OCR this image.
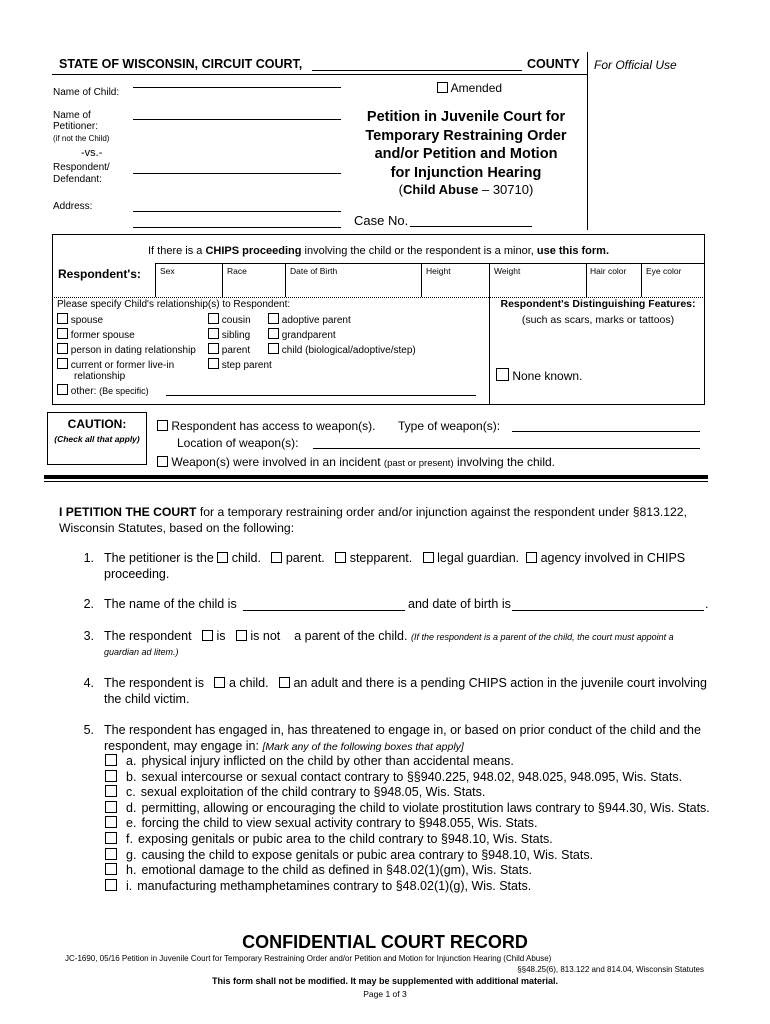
STATE OF WISCONSIN, CIRCUIT COURT,	COUNTY For Official Use
Name of Child:
Name of Petitioner:
(if not the Child)
-vs.-
Respondent/ Defendant:
Address:
Amended
Petition in Juvenile Court for
Temporary Restraining Order
and/or Petition and Motion
for Injunction Hearing
(Child Abuse – 30710)
Case No.
If there is a CHIPS proceeding involving the child or the respondent is a minor, use this form.
Respondent's: Sex	Race	Date of Birth	Height	Weight	Hair color Eye color
Please specify Child's relationship(s) to Respondent:
spouse
former spouse
person in dating relationship
current or former live-in
relationship
cousin
sibling
parent
step parent
adoptive parent
grandparent
child (biological/adoptive/step)
other: (Be specific)
Respondent's Distinguishing Features:
(such as scars, marks or tattoos)
None known.
CAUTION:
(Check all that apply)
Respondent has access to weapon(s). Type of weapon(s):
Location of weapon(s):
Weapon(s) were involved in an incident (past or present) involving the child.
I PETITION THE COURT for a temporary restraining order and/or injunction against the respondent under §813.122,
Wisconsin Statutes, based on the following:
1. The petitioner is the child. parent. stepparent. legal guardian. agency involved in CHIPS
proceeding.
2. The name of the child is	and date of birth is	.
3. The respondent is is not a parent of the child. (If the respondent is a parent of the child, the court must appoint a
guardian ad litem.)
4. The respondent is a child. an adult and there is a pending CHIPS action in the juvenile court involving
the child victim.
5. The respondent has engaged in, has threatened to engage in, or based on prior conduct of the child and the
respondent, may engage in: [Mark any of the following boxes that apply]
a. physical injury inflicted on the child by other than accidental means.
b. sexual intercourse or sexual contact contrary to §§940.225, 948.02, 948.025, 948.095, Wis. Stats.
c. sexual exploitation of the child contrary to §948.05, Wis. Stats.
d. permitting, allowing or encouraging the child to violate prostitution laws contrary to §944.30, Wis. Stats.
e. forcing the child to view sexual activity contrary to §948.055, Wis. Stats.
f. exposing genitals or pubic area to the child contrary to §948.10, Wis. Stats.
g. causing the child to expose genitals or pubic area contrary to §948.10, Wis. Stats.
h. emotional damage to the child as defined in §48.02(1)(gm), Wis. Stats.
i. manufacturing methamphetamines contrary to §48.02(1)(g), Wis. Stats.
CONFIDENTIAL COURT RECORD
JC-1690, 05/16 Petition in Juvenile Court for Temporary Restraining Order and/or Petition and Motion for Injunction Hearing (Child Abuse)
§§48.25(6), 813.122 and 814.04, Wisconsin Statutes
This form shall not be modified. It may be supplemented with additional material.
Page 1 of 3
